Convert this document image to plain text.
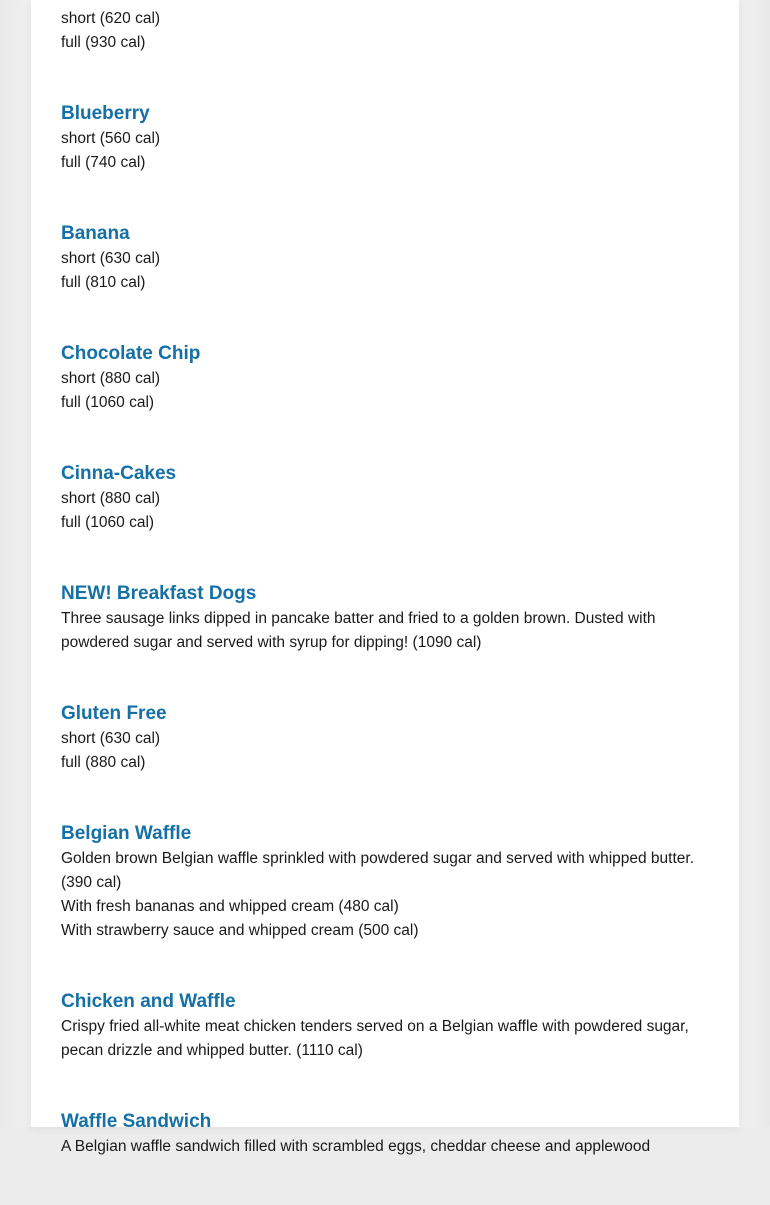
short (620 cal)

full (930 cal)

Blueberry

short (560 cal)

full (740 cal)

Banana

short (630 cal)

full (810 cal)

Chocolate Chip

short (880 cal)

full (1060 cal)

Cinna-Cakes

short (880 cal)

full (1060 cal)

NEW! Breakfast Dogs

Three sausage links dipped in pancake batter and fried to a golden brown. Dusted with powdered sugar and served with syrup for dipping! (1090 cal)

Gluten Free

short (630 cal)

full (880 cal)

Belgian Waffle

Golden brown Belgian waffle sprinkled with powdered sugar and served with whipped butter. (390 cal)

With fresh bananas and whipped cream (480 cal)

With strawberry sauce and whipped cream (500 cal)

Chicken and Waffle

Crispy fried all-white meat chicken tenders served on a Belgian waffle with powdered sugar, pecan drizzle and whipped butter. (1110 cal)

Waffle Sandwich

A Belgian waffle sandwich filled with scrambled eggs, cheddar cheese and applewood
